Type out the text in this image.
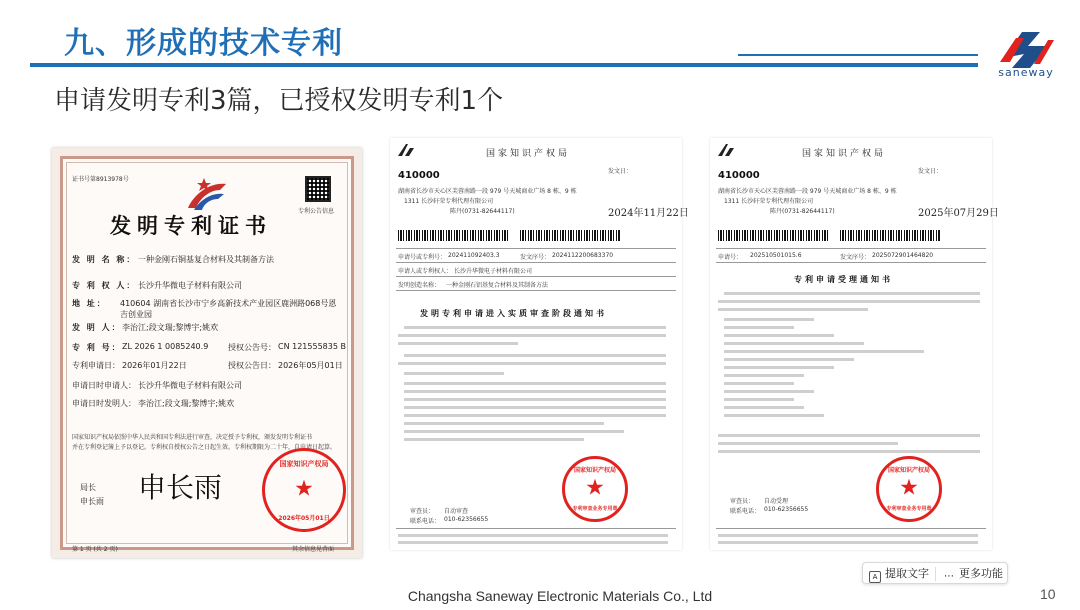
九、形成的技术专利
saneway
申请发明专利3篇，已授权发明专利1个
证书号第8913978号
专利公告信息
发明专利证书
发 明 名 称： 一种金刚石铜基复合材料及其制备方法
专 利 权 人： 长沙升华微电子材料有限公司
地 址： 410604 湖南省长沙市宁乡高新技术产业园区鹿洲路068号恩
吉创业园
发 明 人： 李治江;段文瑞;黎博宇;姚欢
专 利 号： ZL 2026 1 0085240.9 授权公告号： CN 121555835 B
专利申请日： 2026年01月22日	授权公告日： 2026年05月01日
申请日时申请人： 长沙升华微电子材料有限公司
申请日时发明人： 李治江;段文瑞;黎博宇;姚欢
国家知识产权局依照中华人民共和国专利法进行审查，决定授予专利权，颁发发明专利证书
并在专利登记簿上予以登记。专利权自授权公告之日起生效。专利权期限为二十年，自申请日起算。
局长
申长雨 申长雨
国家知识产权局
★
2026年05月01日
第 1 页 (共 2 页)	其余信息见背面
国家知识产权局
410000
湖南省长沙市天心区芙蓉南路一段 979 号天城商业广场 8 栋、9 栋
1311 长沙轩荣专利代理有限公司
陈丹(0731-82644117)
发文日：
2024年11月22日
申请号或专利号： 202411092403.3	发文序号： 2024112200683370
申请人或专利权人： 长沙升华微电子材料有限公司
发明创造名称： 一种金刚石铝基复合材料及其制备方法
发明专利申请进入实质审查阶段通知书
国家知识产权局
★
专利审查业务专用章
审查员： 自动审查
联系电话： 010-62356655
国家知识产权局
410000
湖南省长沙市天心区芙蓉南路一段 979 号天城商业广场 8 栋、9 栋
1311 长沙轩荣专利代理有限公司
陈丹(0731-82644117)
发文日：
2025年07月29日
申请号： 202510501015.6	发文序号： 2025072901464820
专利申请受理通知书
国家知识产权局
★
专利审查业务专用章
审查员： 自动受理
联系电话： 010-62356655
A 提取文字 ⋯ 更多功能
Changsha Saneway Electronic Materials Co., Ltd	10
